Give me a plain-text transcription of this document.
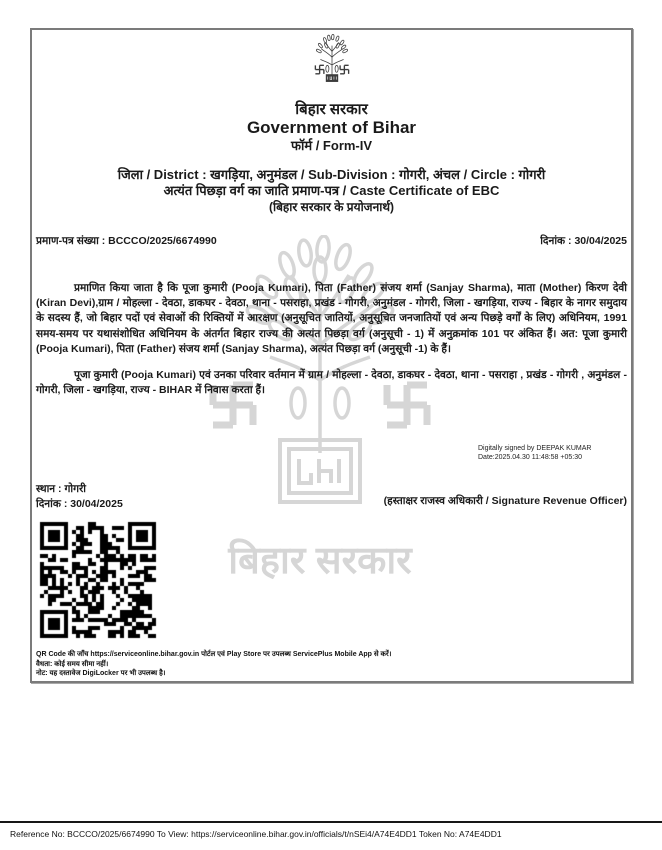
बिहार सरकार
बिहार सरकार
Government of Bihar
फॉर्म / Form-IV
जिला / District : खगड़िया, अनुमंडल / Sub-Division : गोगरी, अंचल / Circle : गोगरी
अत्यंत पिछड़ा वर्ग का जाति प्रमाण-पत्र / Caste Certificate of EBC
(बिहार सरकार के प्रयोजनार्थ)
प्रमाण-पत्र संख्या : BCCCO/2025/6674990	दिनांक : 30/04/2025

प्रमाणित किया जाता है कि पूजा कुमारी (Pooja Kumari), पिता (Father) संजय शर्मा (Sanjay Sharma), माता (Mother) किरण देवी (Kiran Devi),ग्राम / मोहल्ला - देवठा, डाकघर - देवठा, थाना - पसराहा, प्रखंड - गोगरी, अनुमंडल - गोगरी, जिला - खगड़िया, राज्य - बिहार के नागर समुदाय के सदस्य हैं, जो बिहार पदों एवं सेवाओं की रिक्तियों में आरक्षण (अनुसूचित जातियों, अनुसूचित जनजातियों एवं अन्य पिछड़े वर्गों के लिए) अधिनियम, 1991 समय-समय पर यथासंशोधित अधिनियम के अंतर्गत बिहार राज्य की अत्यंत पिछड़ा वर्ग (अनुसूची - 1) में अनुक्रमांक 101 पर अंकित हैं। अत: पूजा कुमारी (Pooja Kumari), पिता (Father) संजय शर्मा (Sanjay Sharma), अत्यंत पिछड़ा वर्ग (अनुसूची -1) के हैं।

पूजा कुमारी (Pooja Kumari) एवं उनका परिवार वर्तमान में ग्राम / मोहल्ला - देवठा, डाकघर - देवठा, थाना - पसराहा , प्रखंड - गोगरी , अनुमंडल - गोगरी, जिला - खगड़िया, राज्य - BIHAR में निवास करता हैं।

Digitally signed by DEEPAK KUMAR
Date:2025.04.30 11:48:58 +05:30
स्थान : गोगरी
दिनांक : 30/04/2025	(हस्ताक्षर राजस्व अधिकारी / Signature Revenue Officer)
QR Code की जाँच https://serviceonline.bihar.gov.in पोर्टल एवं Play Store पर उपलब्ध ServicePlus Mobile App से करें।
वैधता: कोई समय सीमा नहीं।
नोट: यह दस्तावेज DigiLocker पर भी उपलब्ध है।
Reference No: BCCCO/2025/6674990 To View: https://serviceonline.bihar.gov.in/officials/t/nSEi4/A74E4DD1 Token No: A74E4DD1
